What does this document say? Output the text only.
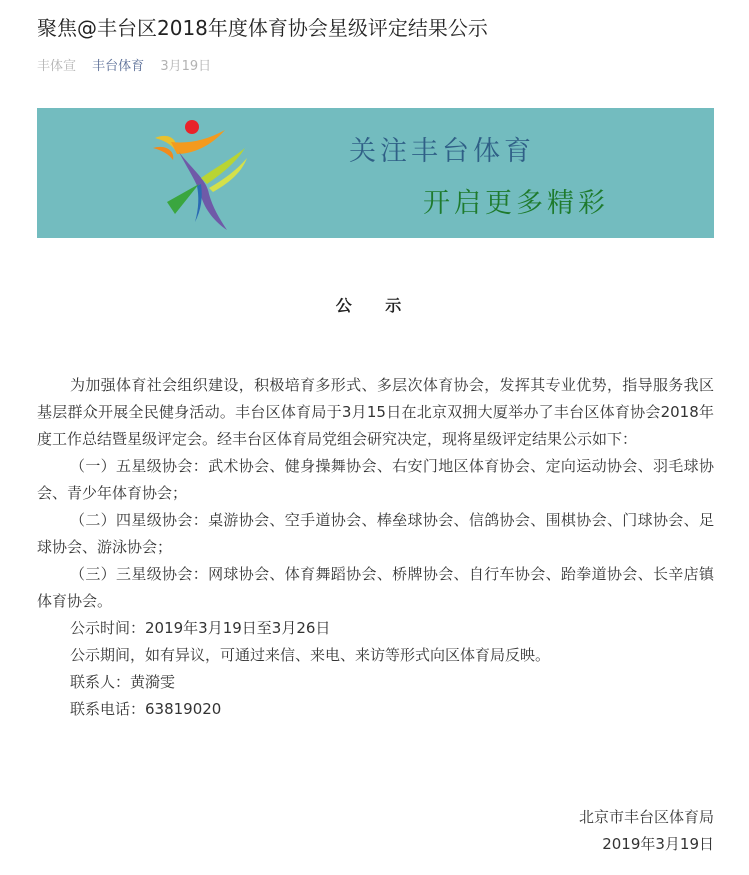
聚焦@丰台区2018年度体育协会星级评定结果公示
丰体宣 丰台体育 3月19日
关注丰台体育
开启更多精彩
公 示

为加强体育社会组织建设，积极培育多形式、多层次体育协会，发挥其专业优势，指导服务我区基层群众开展全民健身活动。丰台区体育局于3月15日在北京双拥大厦举办了丰台区体育协会2018年度工作总结暨星级评定会。经丰台区体育局党组会研究决定，现将星级评定结果公示如下：

（一）五星级协会：武术协会、健身操舞协会、右安门地区体育协会、定向运动协会、羽毛球协会、青少年体育协会；

（二）四星级协会：桌游协会、空手道协会、棒垒球协会、信鸽协会、围棋协会、门球协会、足球协会、游泳协会；

（三）三星级协会：网球协会、体育舞蹈协会、桥牌协会、自行车协会、跆拳道协会、长辛店镇体育协会。

公示时间：2019年3月19日至3月26日

公示期间，如有异议，可通过来信、来电、来访等形式向区体育局反映。

联系人：黄漪雯

联系电话：63819020

北京市丰台区体育局
2019年3月19日
